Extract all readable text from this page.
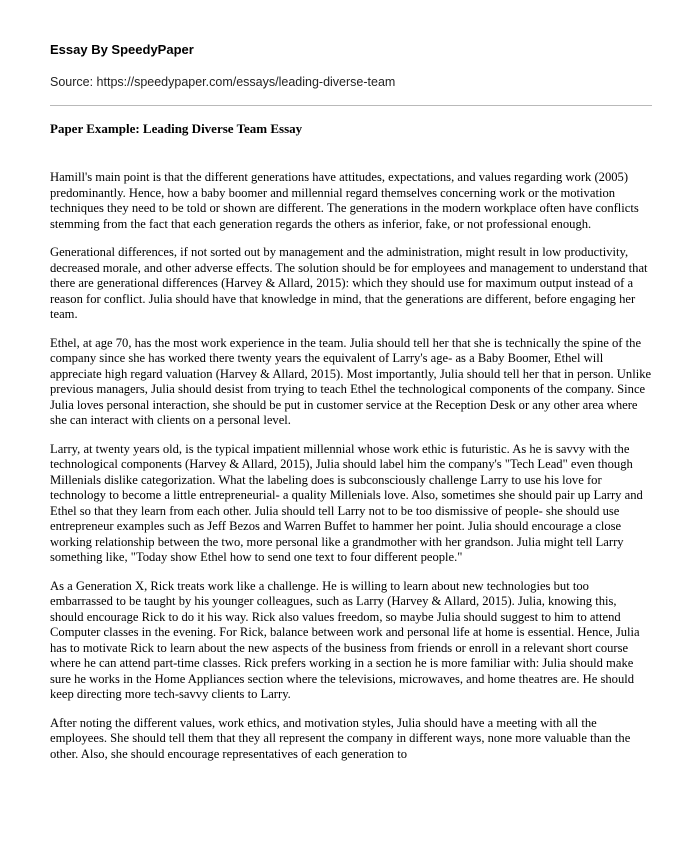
Essay By SpeedyPaper

Source: https://speedypaper.com/essays/leading-diverse-team

Paper Example: Leading Diverse Team Essay

Hamill's main point is that the different generations have attitudes, expectations, and values regarding work (2005) predominantly. Hence, how a baby boomer and millennial regard themselves concerning work or the motivation techniques they need to be told or shown are different. The generations in the modern workplace often have conflicts stemming from the fact that each generation regards the others as inferior, fake, or not professional enough.

Generational differences, if not sorted out by management and the administration, might result in low productivity, decreased morale, and other adverse effects. The solution should be for employees and management to understand that there are generational differences (Harvey & Allard, 2015): which they should use for maximum output instead of a reason for conflict. Julia should have that knowledge in mind, that the generations are different, before engaging her team.

Ethel, at age 70, has the most work experience in the team. Julia should tell her that she is technically the spine of the company since she has worked there twenty years the equivalent of Larry's age- as a Baby Boomer, Ethel will appreciate high regard valuation (Harvey & Allard, 2015). Most importantly, Julia should tell her that in person. Unlike previous managers, Julia should desist from trying to teach Ethel the technological components of the company. Since Julia loves personal interaction, she should be put in customer service at the Reception Desk or any other area where she can interact with clients on a personal level.

Larry, at twenty years old, is the typical impatient millennial whose work ethic is futuristic. As he is savvy with the technological components (Harvey & Allard, 2015), Julia should label him the company's "Tech Lead" even though Millenials dislike categorization. What the labeling does is subconsciously challenge Larry to use his love for technology to become a little entrepreneurial- a quality Millenials love. Also, sometimes she should pair up Larry and Ethel so that they learn from each other. Julia should tell Larry not to be too dismissive of people- she should use entrepreneur examples such as Jeff Bezos and Warren Buffet to hammer her point. Julia should encourage a close working relationship between the two, more personal like a grandmother with her grandson. Julia might tell Larry something like, "Today show Ethel how to send one text to four different people."

As a Generation X, Rick treats work like a challenge. He is willing to learn about new technologies but too embarrassed to be taught by his younger colleagues, such as Larry (Harvey & Allard, 2015). Julia, knowing this, should encourage Rick to do it his way. Rick also values freedom, so maybe Julia should suggest to him to attend Computer classes in the evening. For Rick, balance between work and personal life at home is essential. Hence, Julia has to motivate Rick to learn about the new aspects of the business from friends or enroll in a relevant short course where he can attend part-time classes. Rick prefers working in a section he is more familiar with: Julia should make sure he works in the Home Appliances section where the televisions, microwaves, and home theatres are. He should keep directing more tech-savvy clients to Larry.

After noting the different values, work ethics, and motivation styles, Julia should have a meeting with all the employees. She should tell them that they all represent the company in different ways, none more valuable than the other. Also, she should encourage representatives of each generation to
